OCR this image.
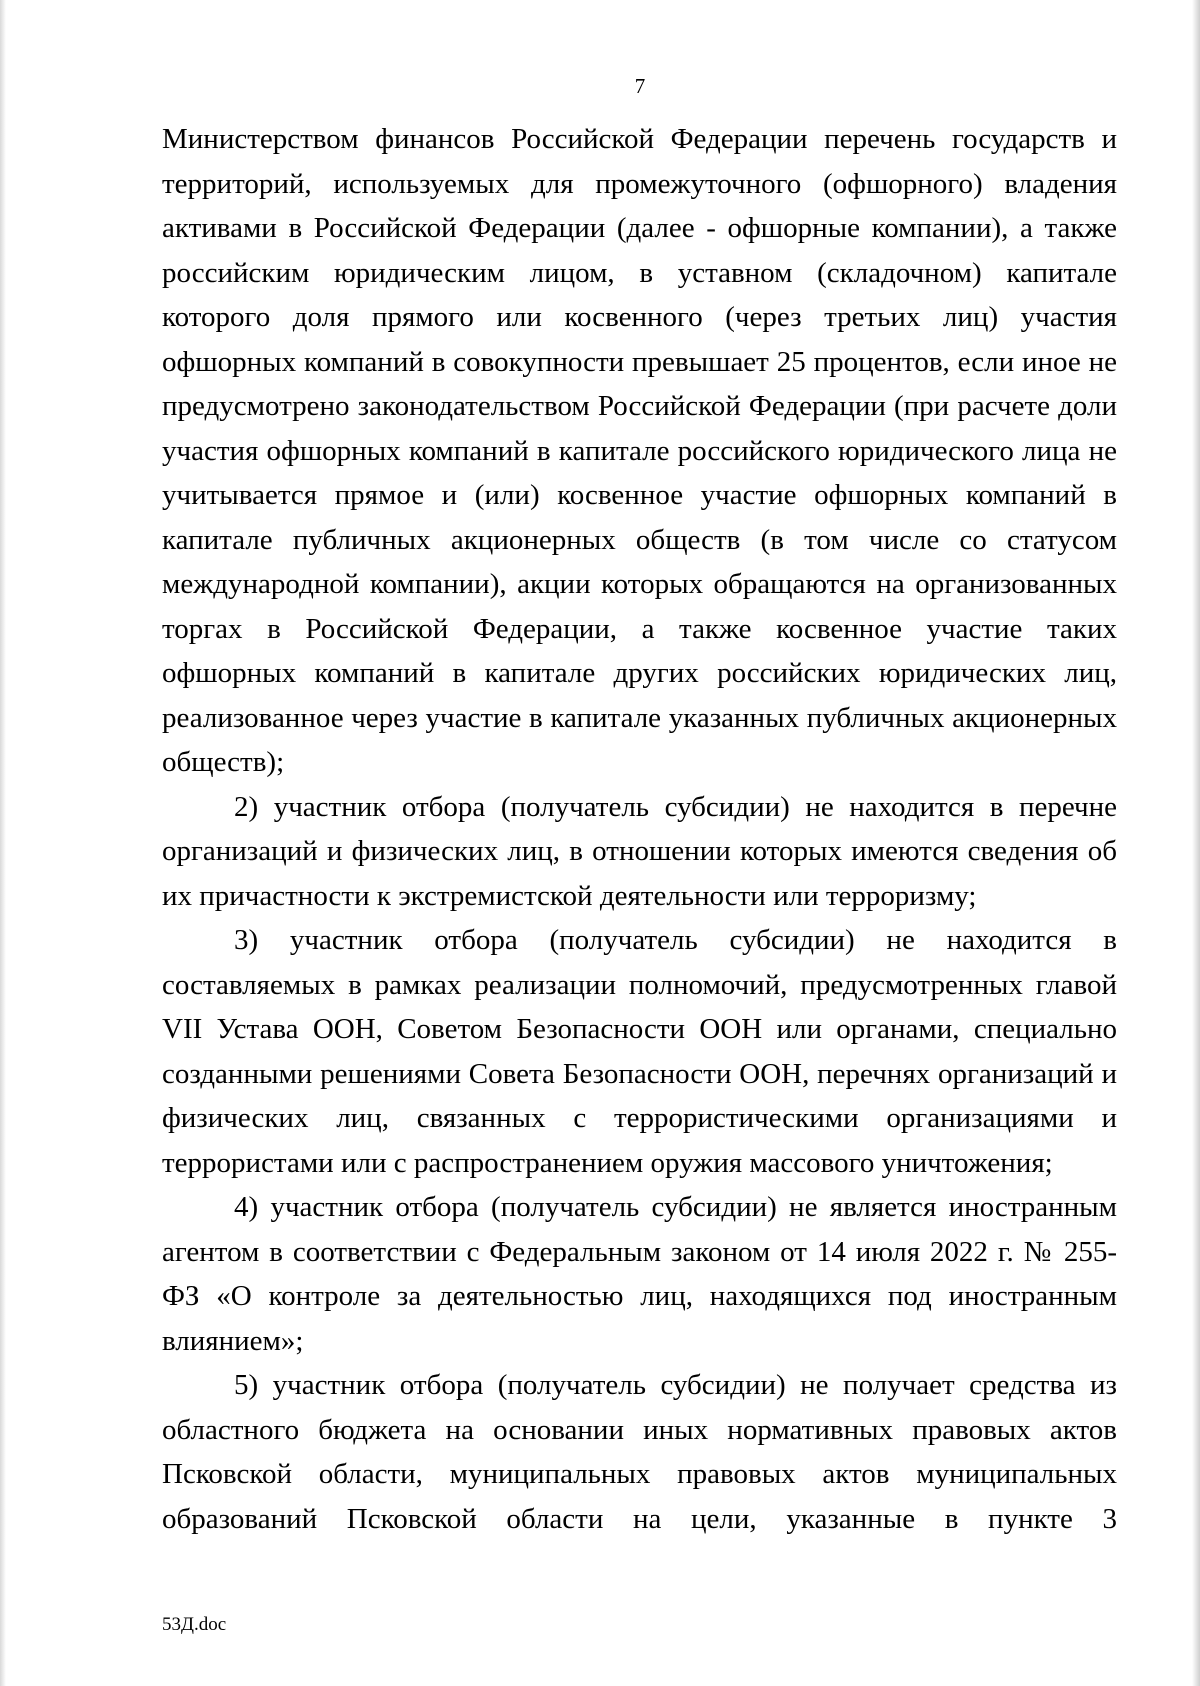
7

Министерством финансов Российской Федерации перечень государств и территорий, используемых для промежуточного (офшорного) владения активами в Российской Федерации (далее - офшорные компании), а также российским юридическим лицом, в уставном (складочном) капитале которого доля прямого или косвенного (через третьих лиц) участия офшорных компаний в совокупности превышает 25 процентов, если иное не предусмотрено законодательством Российской Федерации (при расчете доли участия офшорных компаний в капитале российского юридического лица не учитывается прямое и (или) косвенное участие офшорных компаний в капитале публичных акционерных обществ (в том числе со статусом международной компании), акции которых обращаются на организованных торгах в Российской Федерации, а также косвенное участие таких офшорных компаний в капитале других российских юридических лиц, реализованное через участие в капитале указанных публичных акционерных обществ);

2) участник отбора (получатель субсидии) не находится в перечне организаций и физических лиц, в отношении которых имеются сведения об их причастности к экстремистской деятельности или терроризму;

3) участник отбора (получатель субсидии) не находится в составляемых в рамках реализации полномочий, предусмотренных главой VII Устава ООН, Советом Безопасности ООН или органами, специально созданными решениями Совета Безопасности ООН, перечнях организаций и физических лиц, связанных с террористическими организациями и террористами или с распространением оружия массового уничтожения;

4) участник отбора (получатель субсидии) не является иностранным агентом в соответствии с Федеральным законом от 14 июля 2022 г. № 255-ФЗ «О контроле за деятельностью лиц, находящихся под иностранным влиянием»;

5) участник отбора (получатель субсидии) не получает средства из областного бюджета на основании иных нормативных правовых актов Псковской области, муниципальных правовых актов муниципальных образований Псковской области на цели, указанные в пункте 3

53Д.doc
